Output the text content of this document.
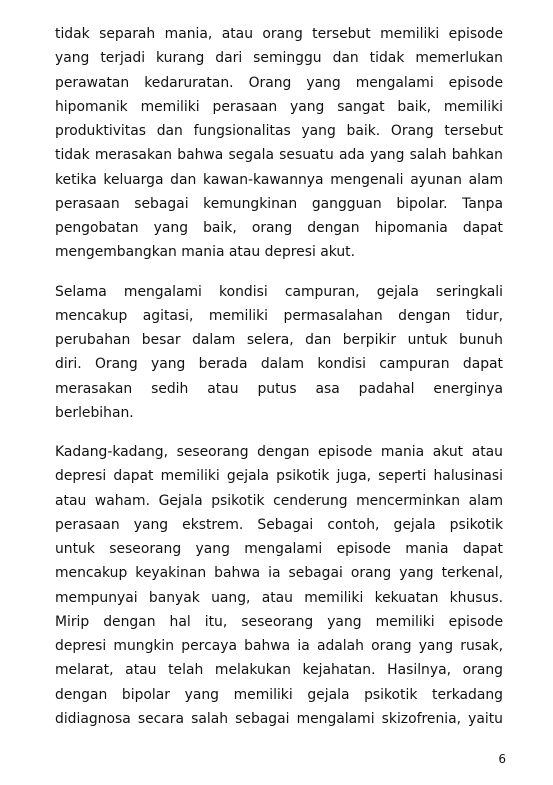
tidak separah mania, atau orang tersebut memiliki episode
yang terjadi kurang dari seminggu dan tidak memerlukan
perawatan kedaruratan. Orang yang mengalami episode
hipomanik memiliki perasaan yang sangat baik, memiliki
produktivitas dan fungsionalitas yang baik. Orang tersebut
tidak merasakan bahwa segala sesuatu ada yang salah bahkan
ketika keluarga dan kawan-kawannya mengenali ayunan alam
perasaan sebagai kemungkinan gangguan bipolar. Tanpa
pengobatan yang baik, orang dengan hipomania dapat
mengembangkan mania atau depresi akut.
Selama mengalami kondisi campuran, gejala seringkali
mencakup agitasi, memiliki permasalahan dengan tidur,
perubahan besar dalam selera, dan berpikir untuk bunuh
diri. Orang yang berada dalam kondisi campuran dapat
merasakan sedih atau putus asa padahal energinya
berlebihan.
Kadang-kadang, seseorang dengan episode mania akut atau
depresi dapat memiliki gejala psikotik juga, seperti halusinasi
atau waham. Gejala psikotik cenderung mencerminkan alam
perasaan yang ekstrem. Sebagai contoh, gejala psikotik
untuk seseorang yang mengalami episode mania dapat
mencakup keyakinan bahwa ia sebagai orang yang terkenal,
mempunyai banyak uang, atau memiliki kekuatan khusus.
Mirip dengan hal itu, seseorang yang memiliki episode
depresi mungkin percaya bahwa ia adalah orang yang rusak,
melarat, atau telah melakukan kejahatan. Hasilnya, orang
dengan bipolar yang memiliki gejala psikotik terkadang
didiagnosa secara salah sebagai mengalami skizofrenia, yaitu
6
